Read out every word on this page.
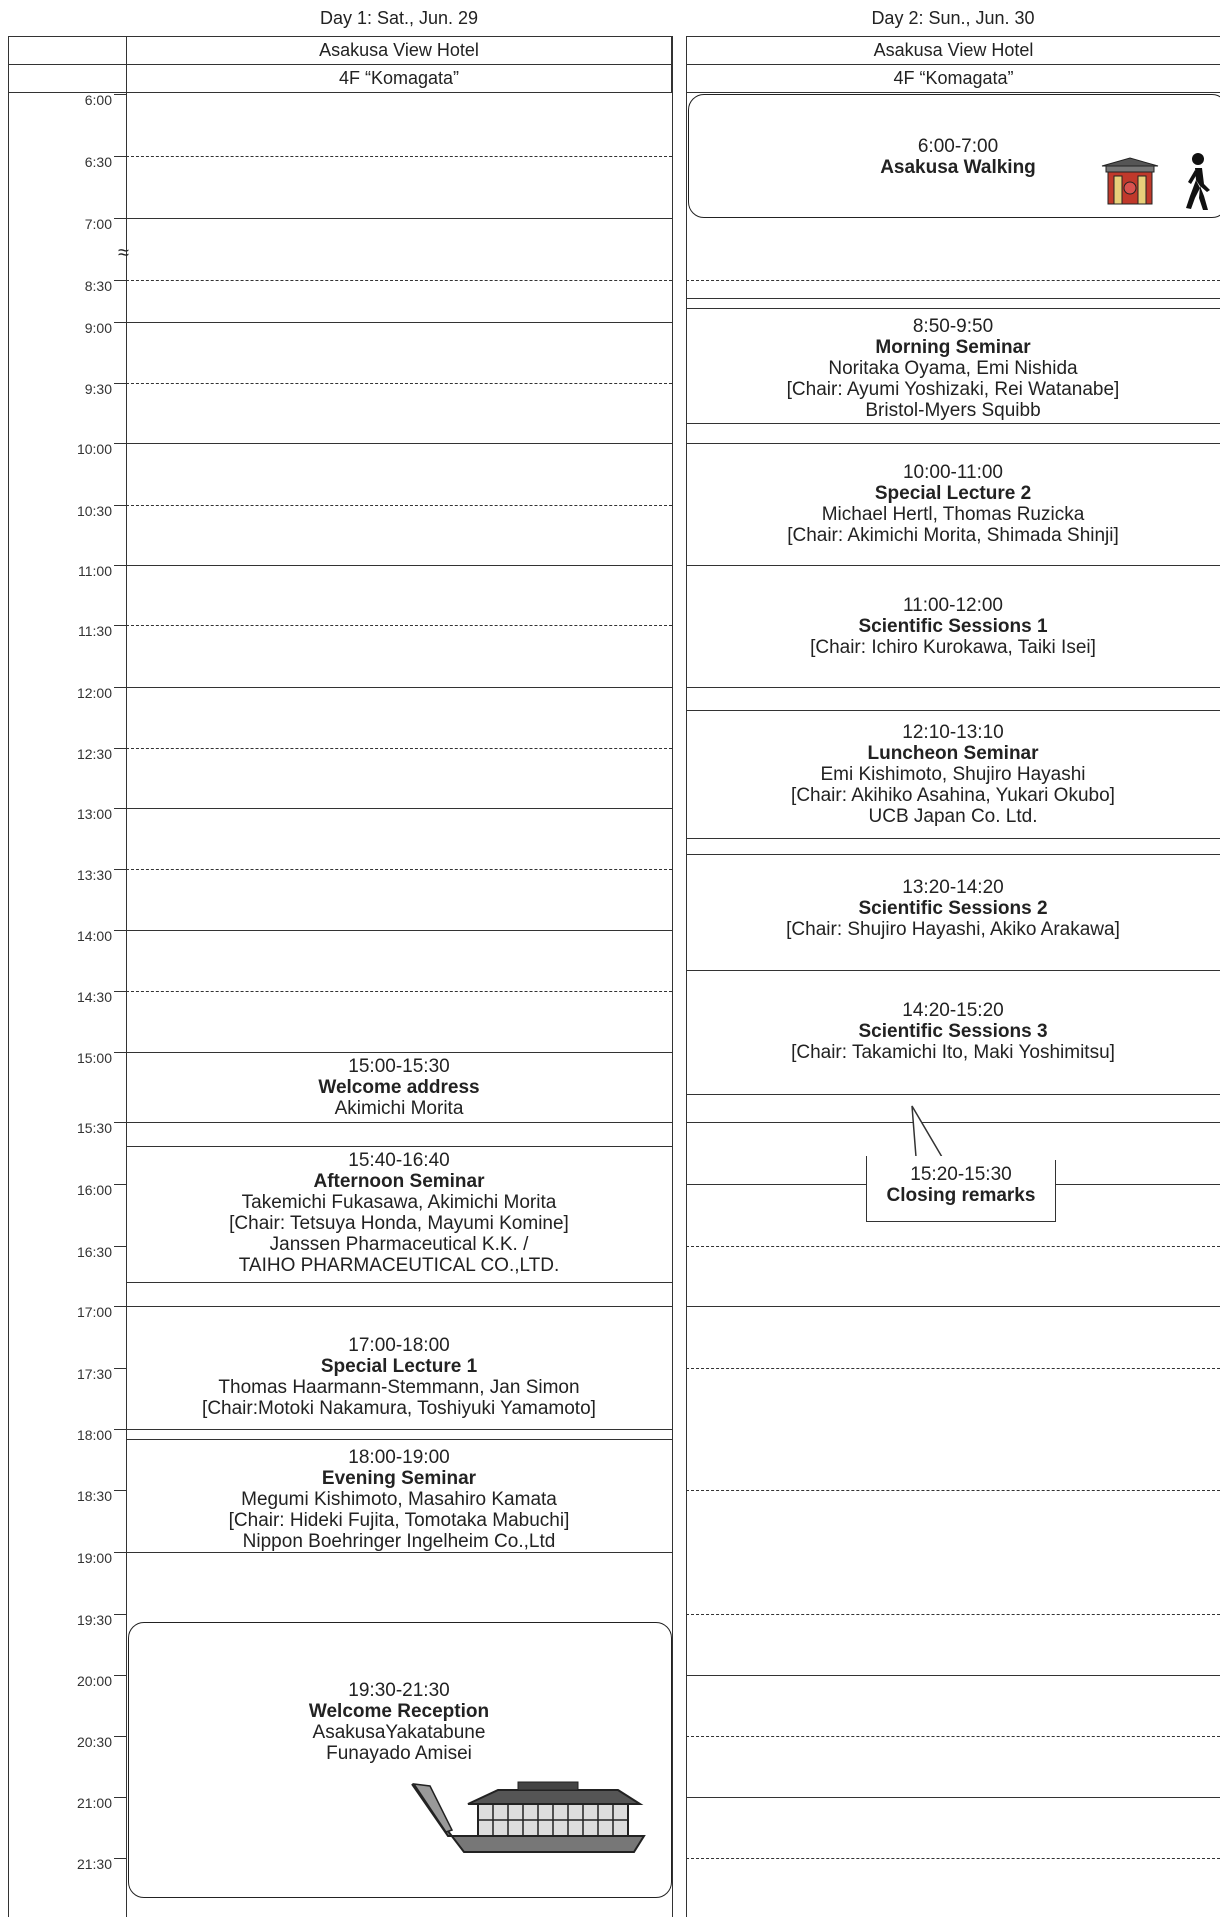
Day 1: Sat., Jun. 29	Day 2: Sun., Jun. 30
Asakusa View Hotel
4F “Komagata”
Asakusa View Hotel
4F “Komagata”
6:00
6:30
7:00
8:30
9:00
9:30
10:00
10:30
11:00
11:30
12:00
12:30
13:00
13:30
14:00
14:30
15:00
15:30
16:00
16:30
17:00
17:30
18:00
18:30
19:00
19:30
20:00
20:30
21:00
21:30
≈
15:00-15:30
Welcome address
Akimichi Morita
15:40-16:40
Afternoon Seminar
Takemichi Fukasawa, Akimichi Morita
[Chair: Tetsuya Honda, Mayumi Komine]
Janssen Pharmaceutical K.K. /
TAIHO PHARMACEUTICAL CO.,LTD.
17:00-18:00
Special Lecture 1
Thomas Haarmann-Stemmann, Jan Simon
[Chair:Motoki Nakamura, Toshiyuki Yamamoto]
18:00-19:00
Evening Seminar
Megumi Kishimoto, Masahiro Kamata
[Chair: Hideki Fujita, Tomotaka Mabuchi]
Nippon Boehringer Ingelheim Co.,Ltd
19:30-21:30
Welcome Reception
AsakusaYakatabune
Funayado Amisei
6:00-7:00
Asakusa Walking
8:50-9:50
Morning Seminar
Noritaka Oyama, Emi Nishida
[Chair: Ayumi Yoshizaki, Rei Watanabe]
Bristol-Myers Squibb
10:00-11:00
Special Lecture 2
Michael Hertl, Thomas Ruzicka
[Chair: Akimichi Morita, Shimada Shinji]
11:00-12:00
Scientific Sessions 1
[Chair: Ichiro Kurokawa, Taiki Isei]
12:10-13:10
Luncheon Seminar
Emi Kishimoto, Shujiro Hayashi
[Chair: Akihiko Asahina, Yukari Okubo]
UCB Japan Co. Ltd.
13:20-14:20
Scientific Sessions 2
[Chair: Shujiro Hayashi, Akiko Arakawa]
14:20-15:20
Scientific Sessions 3
[Chair: Takamichi Ito, Maki Yoshimitsu]
15:20-15:30
Closing remarks
